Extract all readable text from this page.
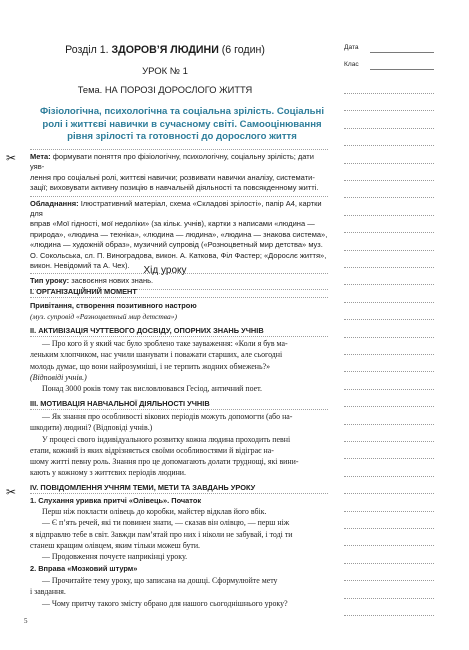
Розділ 1. ЗДОРОВ’Я ЛЮДИНИ (6 годин)
УРОК № 1
Тема. НА ПОРОЗІ ДОРОСЛОГО ЖИТТЯ
Фізіологічна, психологічна та соціальна зрілість. Соціальні
ролі і життєві навички в сучасному світі. Самооцінювання
рівня зрілості та готовності до дорослого життя
Мета: формувати поняття про фізіологічну, психологічну, соціальну зрілість; дати уяв-
лення про соціальні ролі, життєві навички; розвивати навички аналізу, системати-
зації; виховувати активну позицію в навчальній діяльності та повсякденному житті.
Обладнання: Ілюстративний матеріал, схема «Складові зрілості», папір А4, картки для
вправ «Мої гідності, мої недоліки» (за кільк. учнів), картки з написами «людина —
природа», «людина — техніка», «людина — людина», «людина — знакова система»,
«людина — художній образ», музичний супровід («Розноцветный мир детства» муз.
О. Сокольська, сл. П. Виноградова, викон. А. Каткова, Філ Фастер; «Дорослє життя»,
викон. Невідомий та А. Чех).
Тип уроку: засвоєння нових знань.
Хід уроку
І. ОРГАНІЗАЦІЙНИЙ МОМЕНТ
Привітання, створення позитивного настрою
(муз. супровід «Разноцветный мир детства»)
ІІ. АКТИВІЗАЦІЯ ЧУТТЕВОГО ДОСВІДУ, ОПОРНИХ ЗНАНЬ УЧНІВ
— Про кого й у який час було зроблено таке зауваження: «Коли я був ма-
леньким хлопчиком, нас учили шанувати і поважати старших, але сьогодні
молодь думає, що вони найрозумніші, і не терпить жодних обмежень?»
(Відповіді учнів.)
Понад 3000 років тому так висловлювався Гесіод, античний поет.
ІІІ. МОТИВАЦІЯ НАВЧАЛЬНОЇ ДІЯЛЬНОСТІ УЧНІВ
— Як знання про особливості вікових періодів можуть допомогти (або на-
шкодити) людині? (Відповіді учнів.)
У процесі свого індивідуального розвитку кожна людина проходить певні
етапи, кожний із яких відрізняється своїми особливостями й відіграє на-
шому житті певну роль. Знання про це допомагають долати труднощі, які вини-
кають у кожному з життєвих періодів людини.
IV. ПОВІДОМЛЕННЯ УЧНЯМ ТЕМИ, МЕТИ ТА ЗАВДАНЬ УРОКУ
1. Слухання уривка притчі «Олівець». Початок
Перш ніж покласти олівець до коробки, майстер відклав його вбік.
— Є п’ять речей, які ти повинен знати, — сказав він олівцю, — перш ніж
я відправлю тебе в світ. Завжди пам’ятай про них і ніколи не забувай, і тоді ти
станеш кращим олівцем, яким тільки можеш бути.
— Продовження почуєте наприкінці уроку.
2. Вправа «Мозковий штурм»
— Прочитайте тему уроку, що записана на дошці. Сформулюйте мету
і завдання.
— Чому притчу такого змісту обрано для нашого сьогоднішнього уроку?
5
Дата
Клас
✂
✂
